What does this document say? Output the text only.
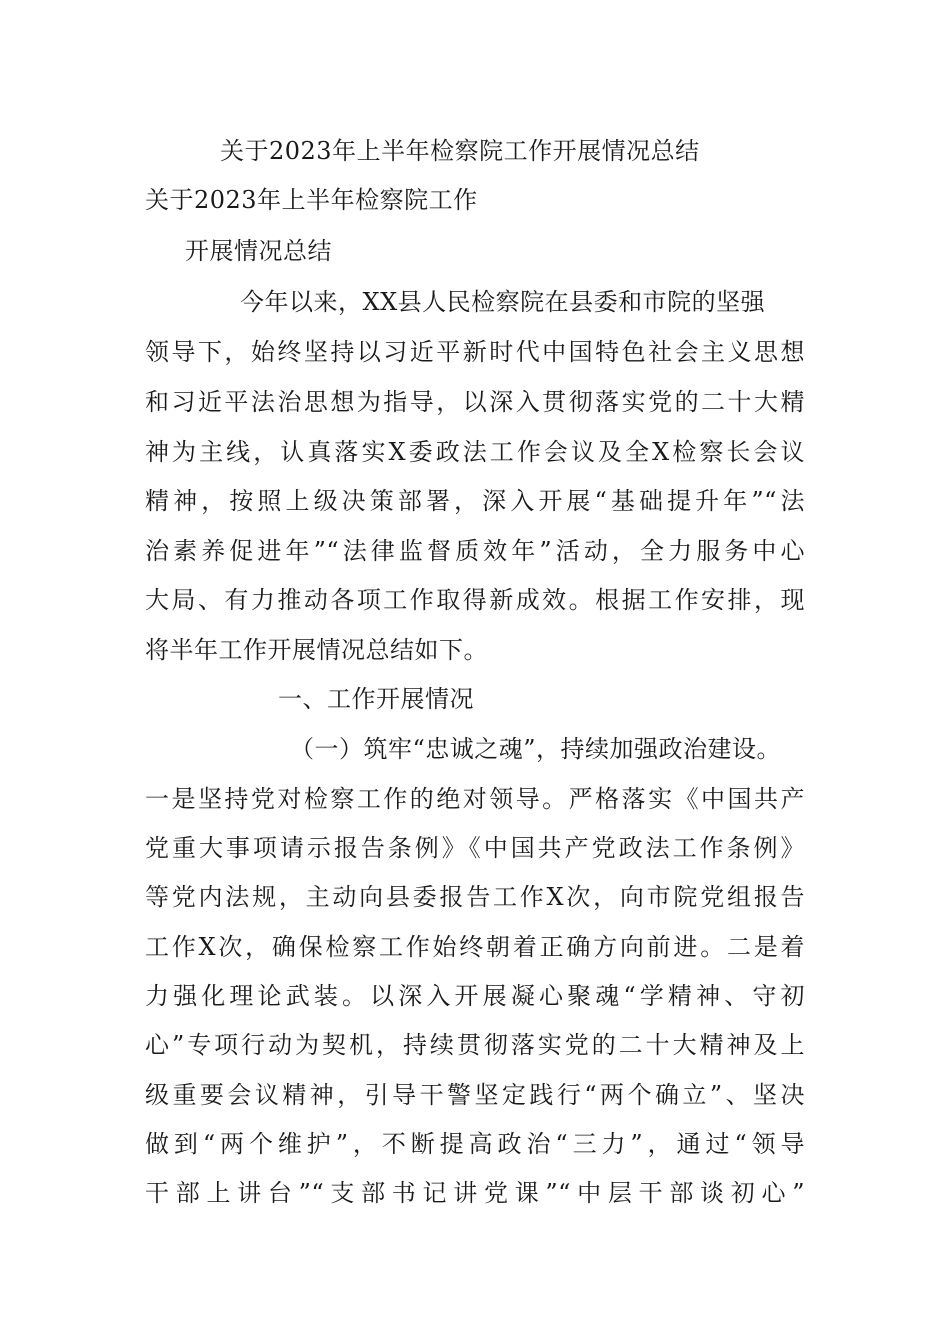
关于2023年上半年检察院工作开展情况总结
关于2023年上半年检察院工作
开展情况总结
今年以来，XX县人民检察院在县委和市院的坚强
领导下，始终坚持以习近平新时代中国特色社会主义思想
和习近平法治思想为指导，以深入贯彻落实党的二十大精
神为主线，认真落实X委政法工作会议及全X检察长会议
精神，按照上级决策部署，深入开展“基础提升年”“法
治素养促进年”“法律监督质效年”活动，全力服务中心
大局、有力推动各项工作取得新成效。根据工作安排，现
将半年工作开展情况总结如下。
一、工作开展情况
（一）筑牢“忠诚之魂”，持续加强政治建设。
一是坚持党对检察工作的绝对领导。严格落实《中国共产
党重大事项请示报告条例》《中国共产党政法工作条例》
等党内法规，主动向县委报告工作X次，向市院党组报告
工作X次，确保检察工作始终朝着正确方向前进。二是着
力强化理论武装。以深入开展凝心聚魂“学精神、守初
心”专项行动为契机，持续贯彻落实党的二十大精神及上
级重要会议精神，引导干警坚定践行“两个确立”、坚决
做到“两个维护”，不断提高政治“三力”，通过“领导
干部上讲台”“支部书记讲党课”“中层干部谈初心”
